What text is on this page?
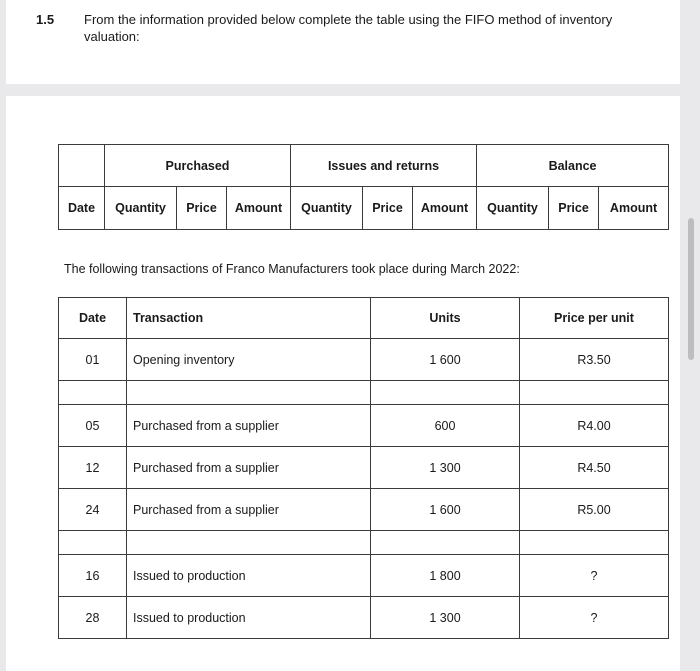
1.5 From the information provided below complete the table using the FIFO method of inventory valuation:
	Purchased			Issues and returns			Balance		
Date	Quantity	Price	Amount	Quantity	Price	Amount	Quantity	Price	Amount
The following transactions of Franco Manufacturers took place during March 2022:
Date	Transaction	Units	Price per unit
01	Opening inventory	1 600	R3.50

05	Purchased from a supplier	600	R4.00
12	Purchased from a supplier	1 300	R4.50
24	Purchased from a supplier	1 600	R5.00

16	Issued to production	1 800	?
28	Issued to production	1 300	?
